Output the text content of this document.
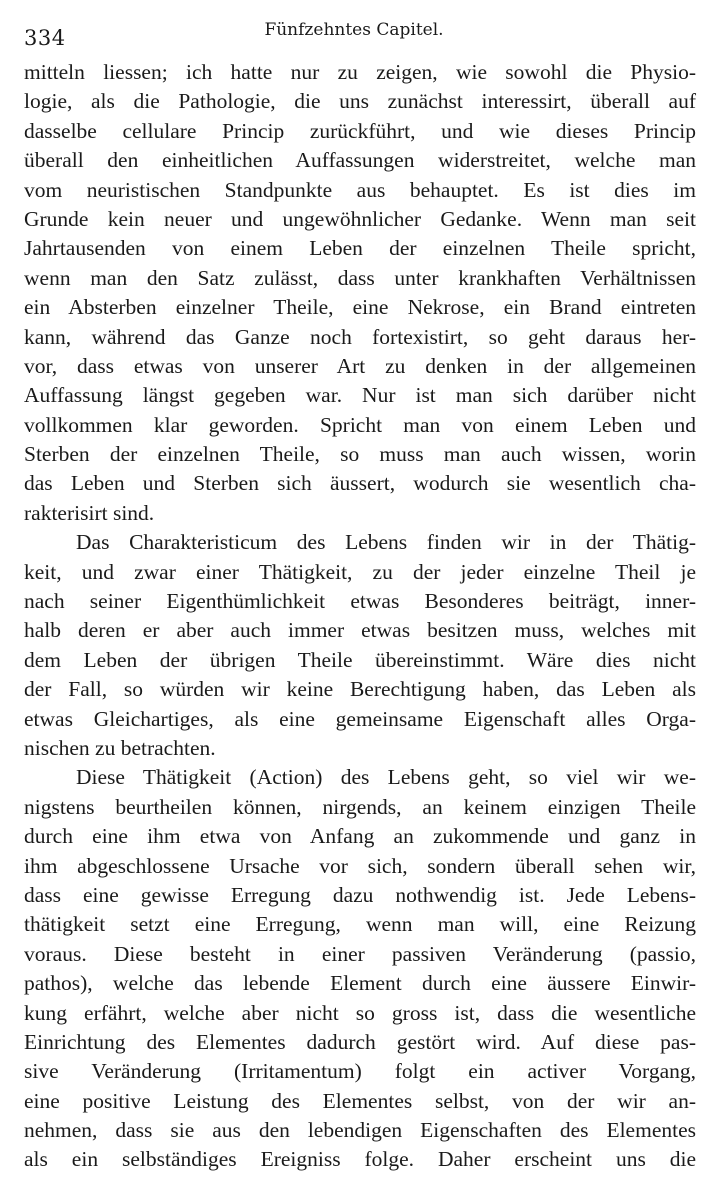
334	Fünfzehntes Capitel.
mitteln liessen; ich hatte nur zu zeigen, wie sowohl die Physio-
logie, als die Pathologie, die uns zunächst interessirt, überall auf
dasselbe cellulare Princip zurückführt, und wie dieses Princip
überall den einheitlichen Auffassungen widerstreitet, welche man
vom neuristischen Standpunkte aus behauptet. Es ist dies im
Grunde kein neuer und ungewöhnlicher Gedanke. Wenn man seit
Jahrtausenden von einem Leben der einzelnen Theile spricht,
wenn man den Satz zulässt, dass unter krankhaften Verhältnissen
ein Absterben einzelner Theile, eine Nekrose, ein Brand eintreten
kann, während das Ganze noch fortexistirt, so geht daraus her-
vor, dass etwas von unserer Art zu denken in der allgemeinen
Auffassung längst gegeben war. Nur ist man sich darüber nicht
vollkommen klar geworden. Spricht man von einem Leben und
Sterben der einzelnen Theile, so muss man auch wissen, worin
das Leben und Sterben sich äussert, wodurch sie wesentlich cha-
rakterisirt sind.
Das Charakteristicum des Lebens finden wir in der Thätig-
keit, und zwar einer Thätigkeit, zu der jeder einzelne Theil je
nach seiner Eigenthümlichkeit etwas Besonderes beiträgt, inner-
halb deren er aber auch immer etwas besitzen muss, welches mit
dem Leben der übrigen Theile übereinstimmt. Wäre dies nicht
der Fall, so würden wir keine Berechtigung haben, das Leben als
etwas Gleichartiges, als eine gemeinsame Eigenschaft alles Orga-
nischen zu betrachten.
Diese Thätigkeit (Action) des Lebens geht, so viel wir we-
nigstens beurtheilen können, nirgends, an keinem einzigen Theile
durch eine ihm etwa von Anfang an zukommende und ganz in
ihm abgeschlossene Ursache vor sich, sondern überall sehen wir,
dass eine gewisse Erregung dazu nothwendig ist. Jede Lebens-
thätigkeit setzt eine Erregung, wenn man will, eine Reizung
voraus. Diese besteht in einer passiven Veränderung (passio,
pathos), welche das lebende Element durch eine äussere Einwir-
kung erfährt, welche aber nicht so gross ist, dass die wesentliche
Einrichtung des Elementes dadurch gestört wird. Auf diese pas-
sive Veränderung (Irritamentum) folgt ein activer Vorgang,
eine positive Leistung des Elementes selbst, von der wir an-
nehmen, dass sie aus den lebendigen Eigenschaften des Elementes
als ein selbständiges Ereigniss folge. Daher erscheint uns die
